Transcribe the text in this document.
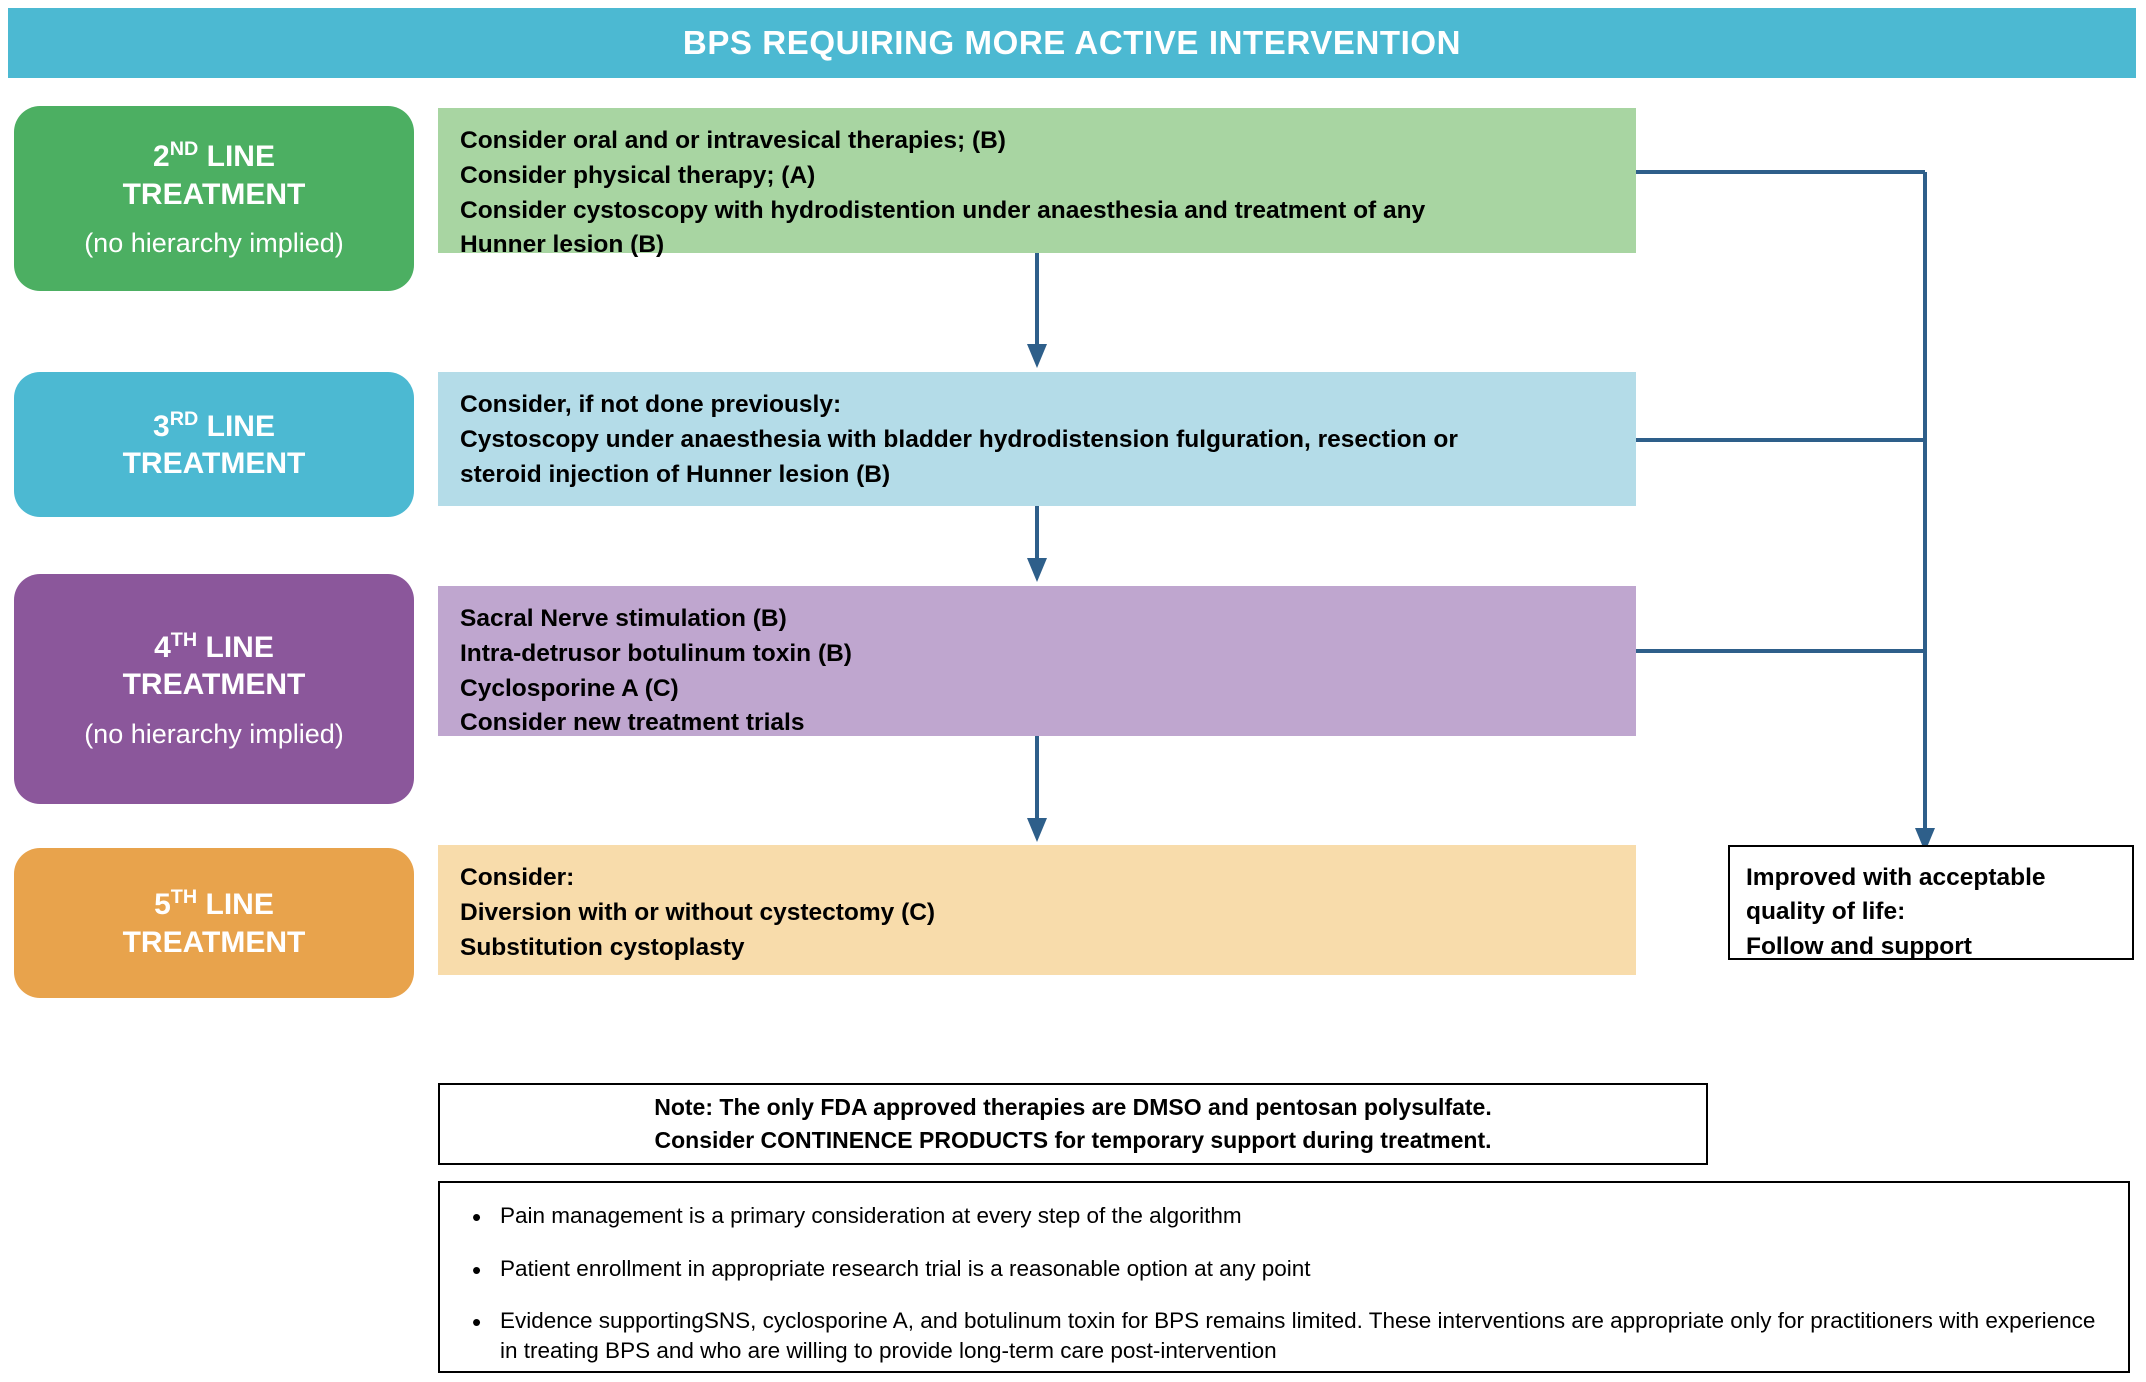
BPS REQUIRING MORE ACTIVE INTERVENTION
2ND LINE
TREATMENT
(no hierarchy implied)
3RD LINE
TREATMENT
4TH LINE
TREATMENT
(no hierarchy implied)
5TH LINE
TREATMENT
Consider oral and or intravesical therapies; (B)
Consider physical therapy; (A)
Consider cystoscopy with hydrodistention under anaesthesia and treatment of any
Hunner lesion (B)
Consider, if not done previously:
Cystoscopy under anaesthesia with bladder hydrodistension fulguration, resection or
steroid injection of Hunner lesion (B)
Sacral Nerve stimulation (B)
Intra-detrusor botulinum toxin (B)
Cyclosporine A (C)
Consider new treatment trials
Consider:
Diversion with or without cystectomy (C)
Substitution cystoplasty
Improved with acceptable
quality of life:
Follow and support
Note: The only FDA approved therapies are DMSO and pentosan polysulfate.
Consider CONTINENCE PRODUCTS for temporary support during treatment.
• Pain management is a primary consideration at every step of the algorithm
• Patient enrollment in appropriate research trial is a reasonable option at any point
• Evidence supportingSNS, cyclosporine A, and botulinum toxin for BPS remains limited. These interventions are appropriate only for practitioners with experience in treating BPS and who are willing to provide long-term care post-intervention
